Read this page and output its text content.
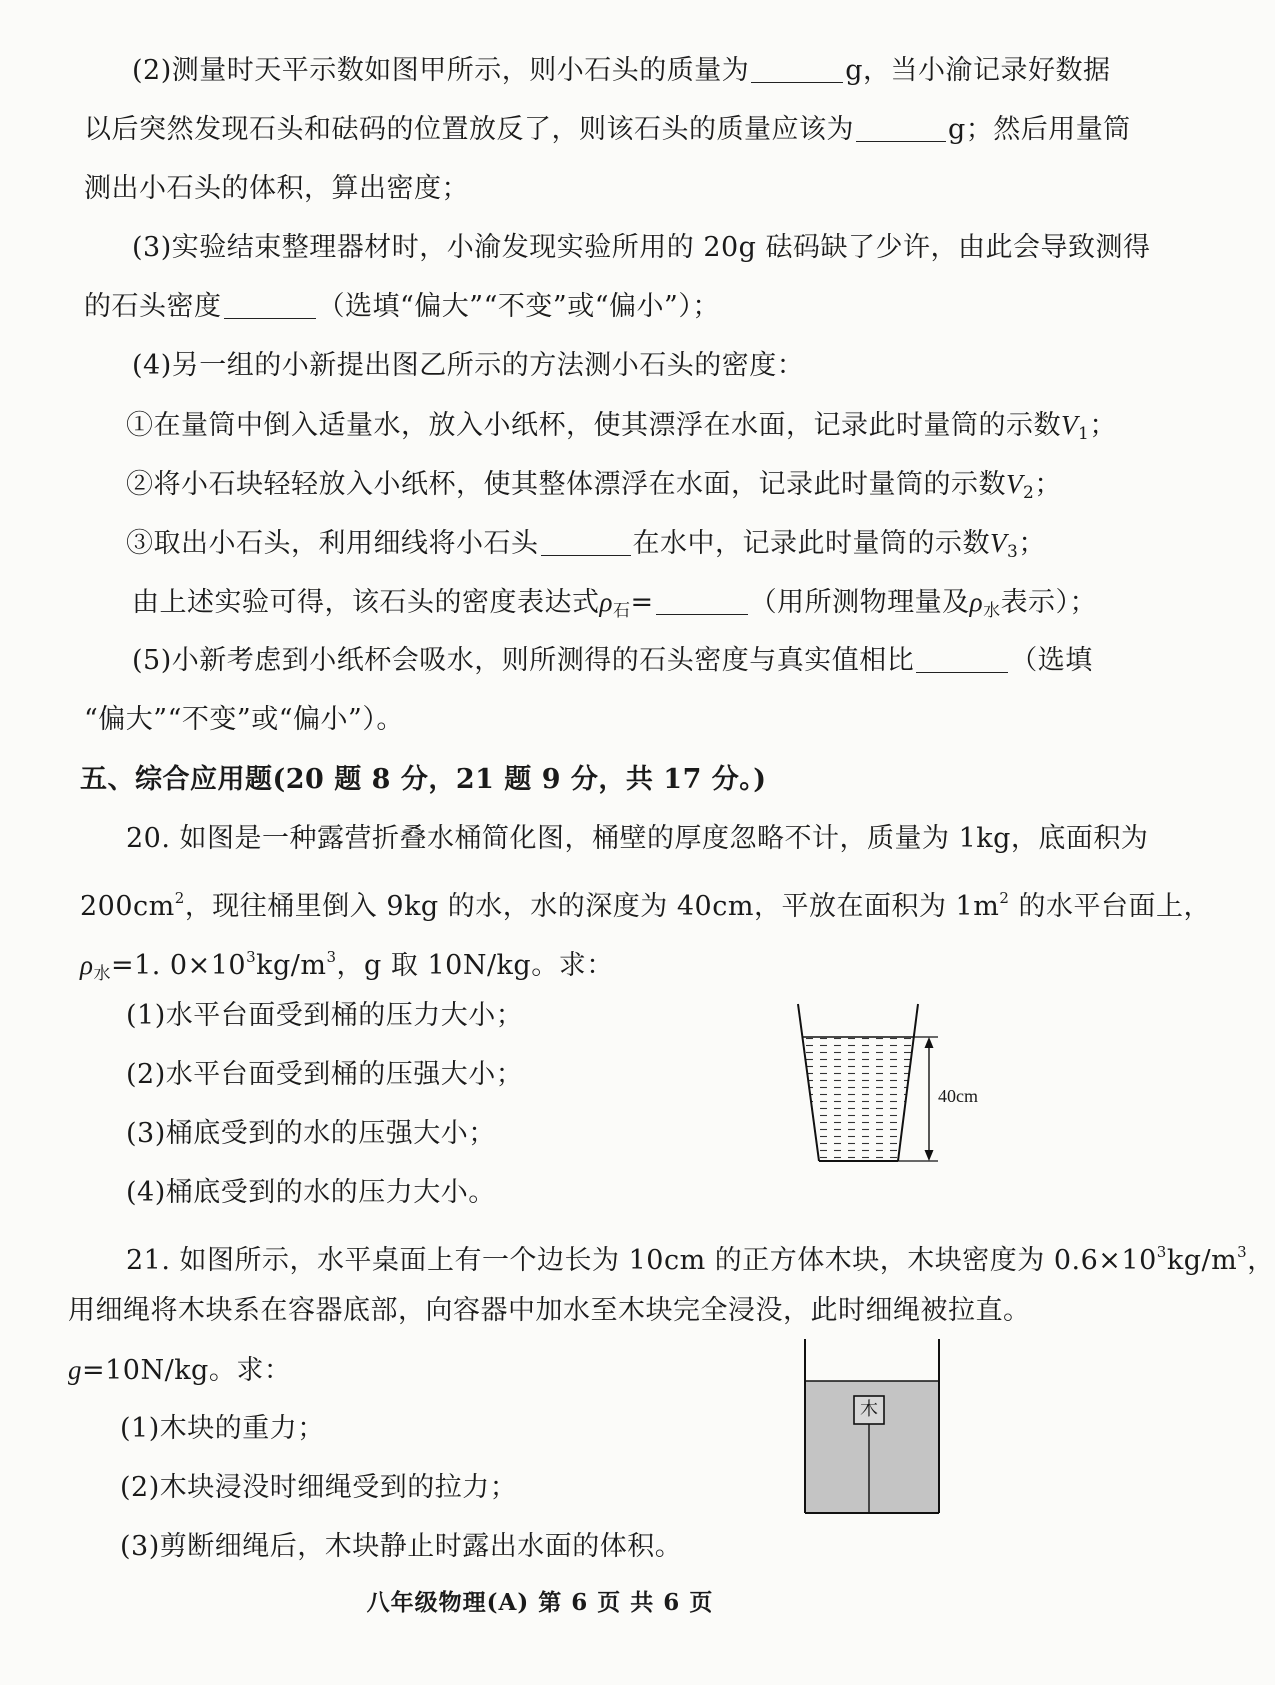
(2)测量时天平示数如图甲所示，则小石头的质量为	g，当小渝记录好数据
以后突然发现石头和砝码的位置放反了，则该石头的质量应该为	g；然后用量筒
测出小石头的体积，算出密度；
(3)实验结束整理器材时，小渝发现实验所用的 20g 砝码缺了少许，由此会导致测得
的石头密度	（选填“偏大”“不变”或“偏小”）；
(4)另一组的小新提出图乙所示的方法测小石头的密度：
①在量筒中倒入适量水，放入小纸杯，使其漂浮在水面，记录此时量筒的示数$V_1$；
②将小石块轻轻放入小纸杯，使其整体漂浮在水面，记录此时量筒的示数$V_2$；
③取出小石头，利用细线将小石头	在水中，记录此时量筒的示数$V_3$；
由上述实验可得，该石头的密度表达式$\rho_石=$	（用所测物理量及$\rho_水$表示）；
(5)小新考虑到小纸杯会吸水，则所测得的石头密度与真实值相比	（选填
“偏大”“不变”或“偏小”）。
五、综合应用题(20 题 8 分，21 题 9 分，共 17 分。)
20. 如图是一种露营折叠水桶简化图，桶壁的厚度忽略不计，质量为 1kg，底面积为
$200cm^2$，现往桶里倒入 9kg 的水，水的深度为 40cm，平放在面积为 $1m^2$ 的水平台面上，
$\rho_水=1$. $0\times 10^3kg/m^3$，g 取 10N/kg。求：
(1)水平台面受到桶的压力大小；
(2)水平台面受到桶的压强大小；
(3)桶底受到的水的压强大小；
(4)桶底受到的水的压力大小。
40cm
21. 如图所示，水平桌面上有一个边长为 10cm 的正方体木块，木块密度为 $0.6\times 10^3kg/m^3$，
用细绳将木块系在容器底部，向容器中加水至木块完全浸没，此时细绳被拉直。
g=10N/kg。求：
(1)木块的重力；
(2)木块浸没时细绳受到的拉力；
(3)剪断细绳后，木块静止时露出水面的体积。
木
八年级物理(A) 第 6 页 共 6 页
